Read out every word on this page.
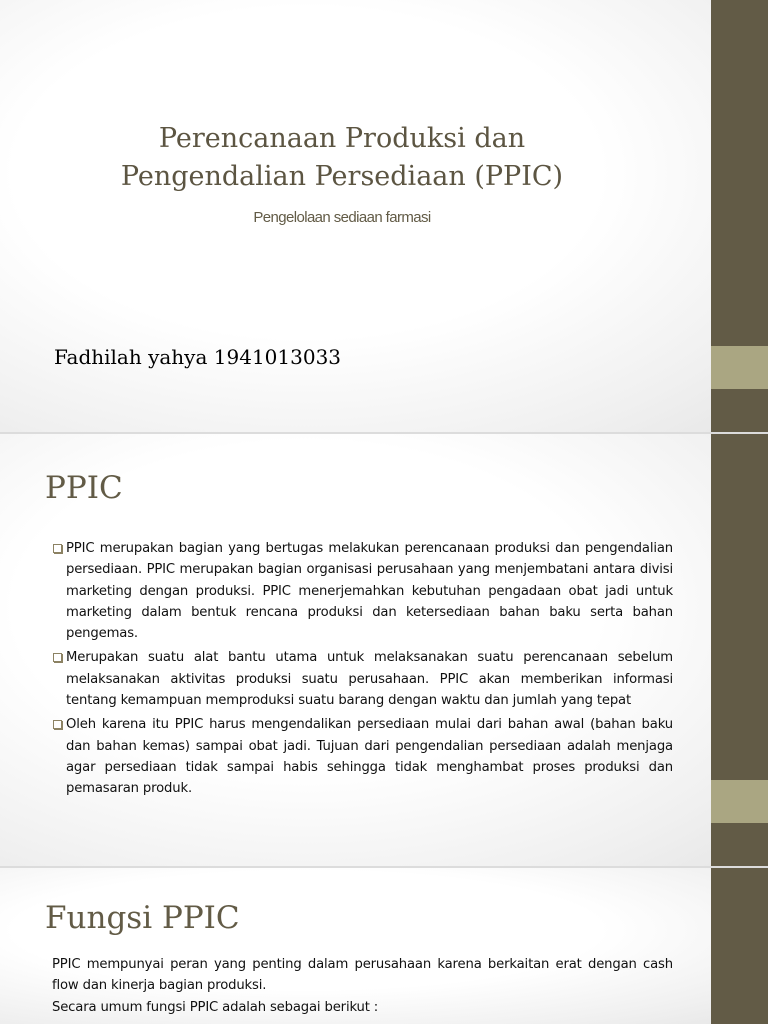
Perencanaan Produksi dan
Pengendalian Persediaan (PPIC)

Pengelolaan sediaan farmasi

Fadhilah yahya 1941013033
PPIC
PPIC merupakan bagian yang bertugas melakukan perencanaan produksi dan pengendalian persediaan. PPIC merupakan bagian organisasi perusahaan yang menjembatani antara divisi marketing dengan produksi. PPIC menerjemahkan kebutuhan pengadaan obat jadi untuk marketing dalam bentuk rencana produksi dan ketersediaan bahan baku serta bahan pengemas.
Merupakan suatu alat bantu utama untuk melaksanakan suatu perencanaan sebelum melaksanakan aktivitas produksi suatu perusahaan. PPIC akan memberikan informasi tentang kemampuan memproduksi suatu barang dengan waktu dan jumlah yang tepat
Oleh karena itu PPIC harus mengendalikan persediaan mulai dari bahan awal (bahan baku dan bahan kemas) sampai obat jadi. Tujuan dari pengendalian persediaan adalah menjaga agar persediaan tidak sampai habis sehingga tidak menghambat proses produksi dan pemasaran produk.
Fungsi PPIC

PPIC mempunyai peran yang penting dalam perusahaan karena berkaitan erat dengan cash flow dan kinerja bagian produksi.

Secara umum fungsi PPIC adalah sebagai berikut :
